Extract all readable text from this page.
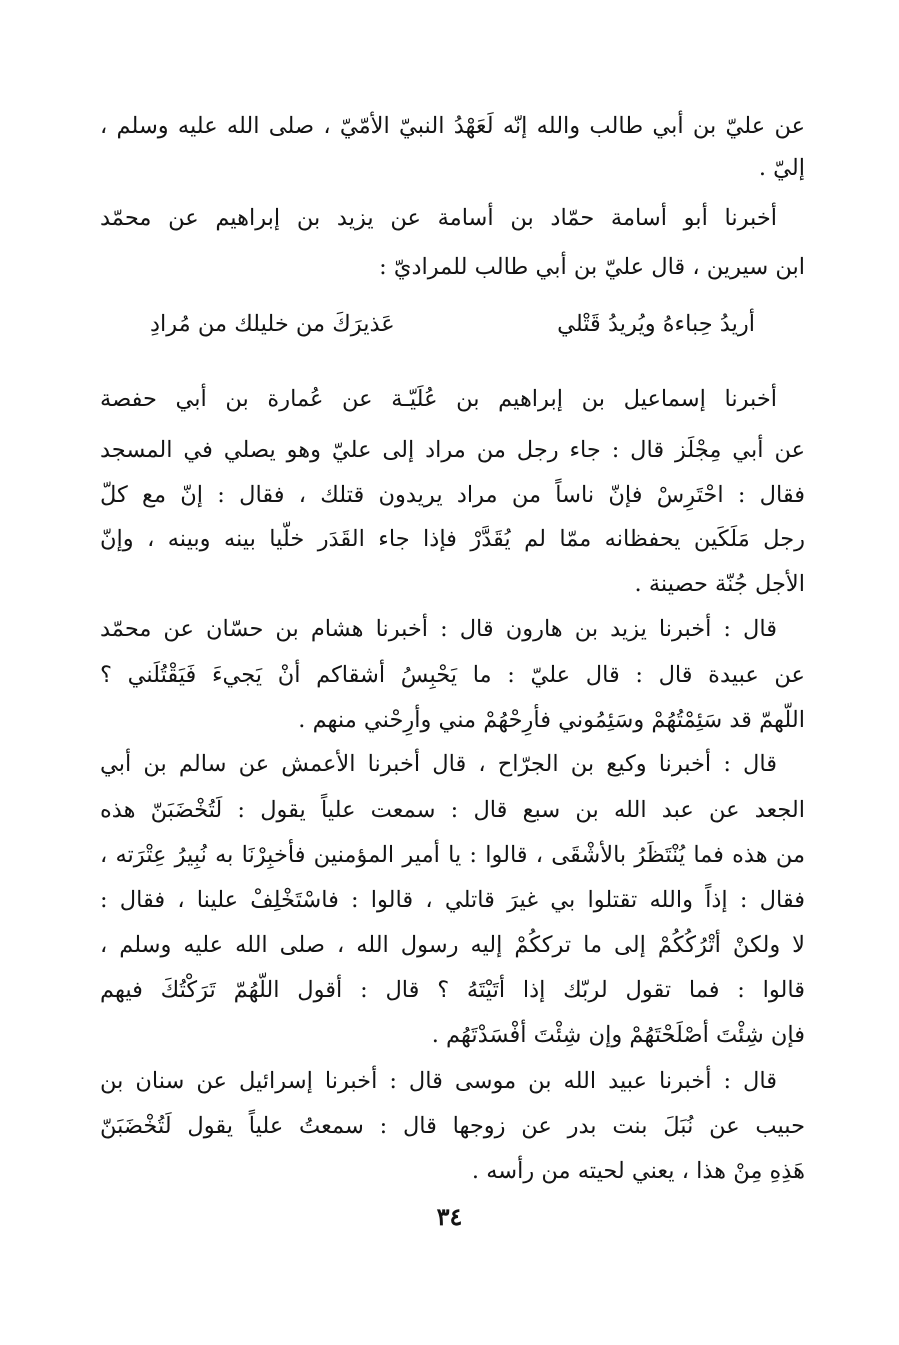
عن عليّ بن أبي طالب والله إنّه لَعَهْدُ النبيّ الأمّيّ ، صلى الله عليه وسلم ،
إليّ .
أخبرنا أبو أسامة حمّاد بن أسامة عن يزيد بن إبراهيم عن محمّد
ابن سيرين ، قال عليّ بن أبي طالب للمراديّ :
أريدُ حِباءهُ ويُريدُ قَتْلي
عَذيرَكَ من خليلك من مُرادِ
أخبرنا إسماعيل بن إبراهيم بن عُلَيّـة عن عُمارة بن أبي حفصة
عن أبي مِجْلَز قال : جاء رجل من مراد إلى عليّ وهو يصلي في المسجد
فقال : احْتَرِسْ فإنّ ناساً من مراد يريدون قتلك ، فقال : إنّ مع كلّ
رجل مَلَكَين يحفظانه ممّا لم يُقَدَّرْ فإذا جاء القَدَر خلّيا بينه وبينه ، وإنّ
الأجل جُنّة حصينة .
قال : أخبرنا يزيد بن هارون قال : أخبرنا هشام بن حسّان عن محمّد
عن عبيدة قال : قال عليّ : ما يَحْبِسُ أشقاكم أنْ يَجيءَ فَيَقْتُلَني ؟
اللّهمّ قد سَئِمْتُهُمْ وسَئِمُوني فأرِحْهُمْ مني وأرِحْني منهم .
قال : أخبرنا وكيع بن الجرّاح ، قال أخبرنا الأعمش عن سالم بن أبي
الجعد عن عبد الله بن سبع قال : سمعت علياً يقول : لَتُخْضَبَنّ هذه
من هذه فما يُنْتَظَرُ بالأشْقَى ، قالوا : يا أمير المؤمنين فأخبِرْنَا به نُبِيرُ عِتْرَته ،
فقال : إذاً والله تقتلوا بي غيرَ قاتلي ، قالوا : فاسْتَخْلِفْ علينا ، فقال :
لا ولكنْ أتْرُكُكُمْ إلى ما ترككُمْ إليه رسول الله ، صلى الله عليه وسلم ،
قالوا : فما تقول لربّك إذا أتَيْتَهُ ؟ قال : أقول اللّهُمّ تَرَكْتُكَ فيهم
فإن شِئْتَ أصْلَحْتَهُمْ وإن شِئْتَ أفْسَدْتَهُم .
قال : أخبرنا عبيد الله بن موسى قال : أخبرنا إسرائيل عن سنان بن
حبيب عن نُبَلَ بنت بدر عن زوجها قال : سمعتُ علياً يقول لَتُخْضَبَنّ
هَذِهِ مِنْ هذا ، يعني لحيته من رأسه .
٣٤
